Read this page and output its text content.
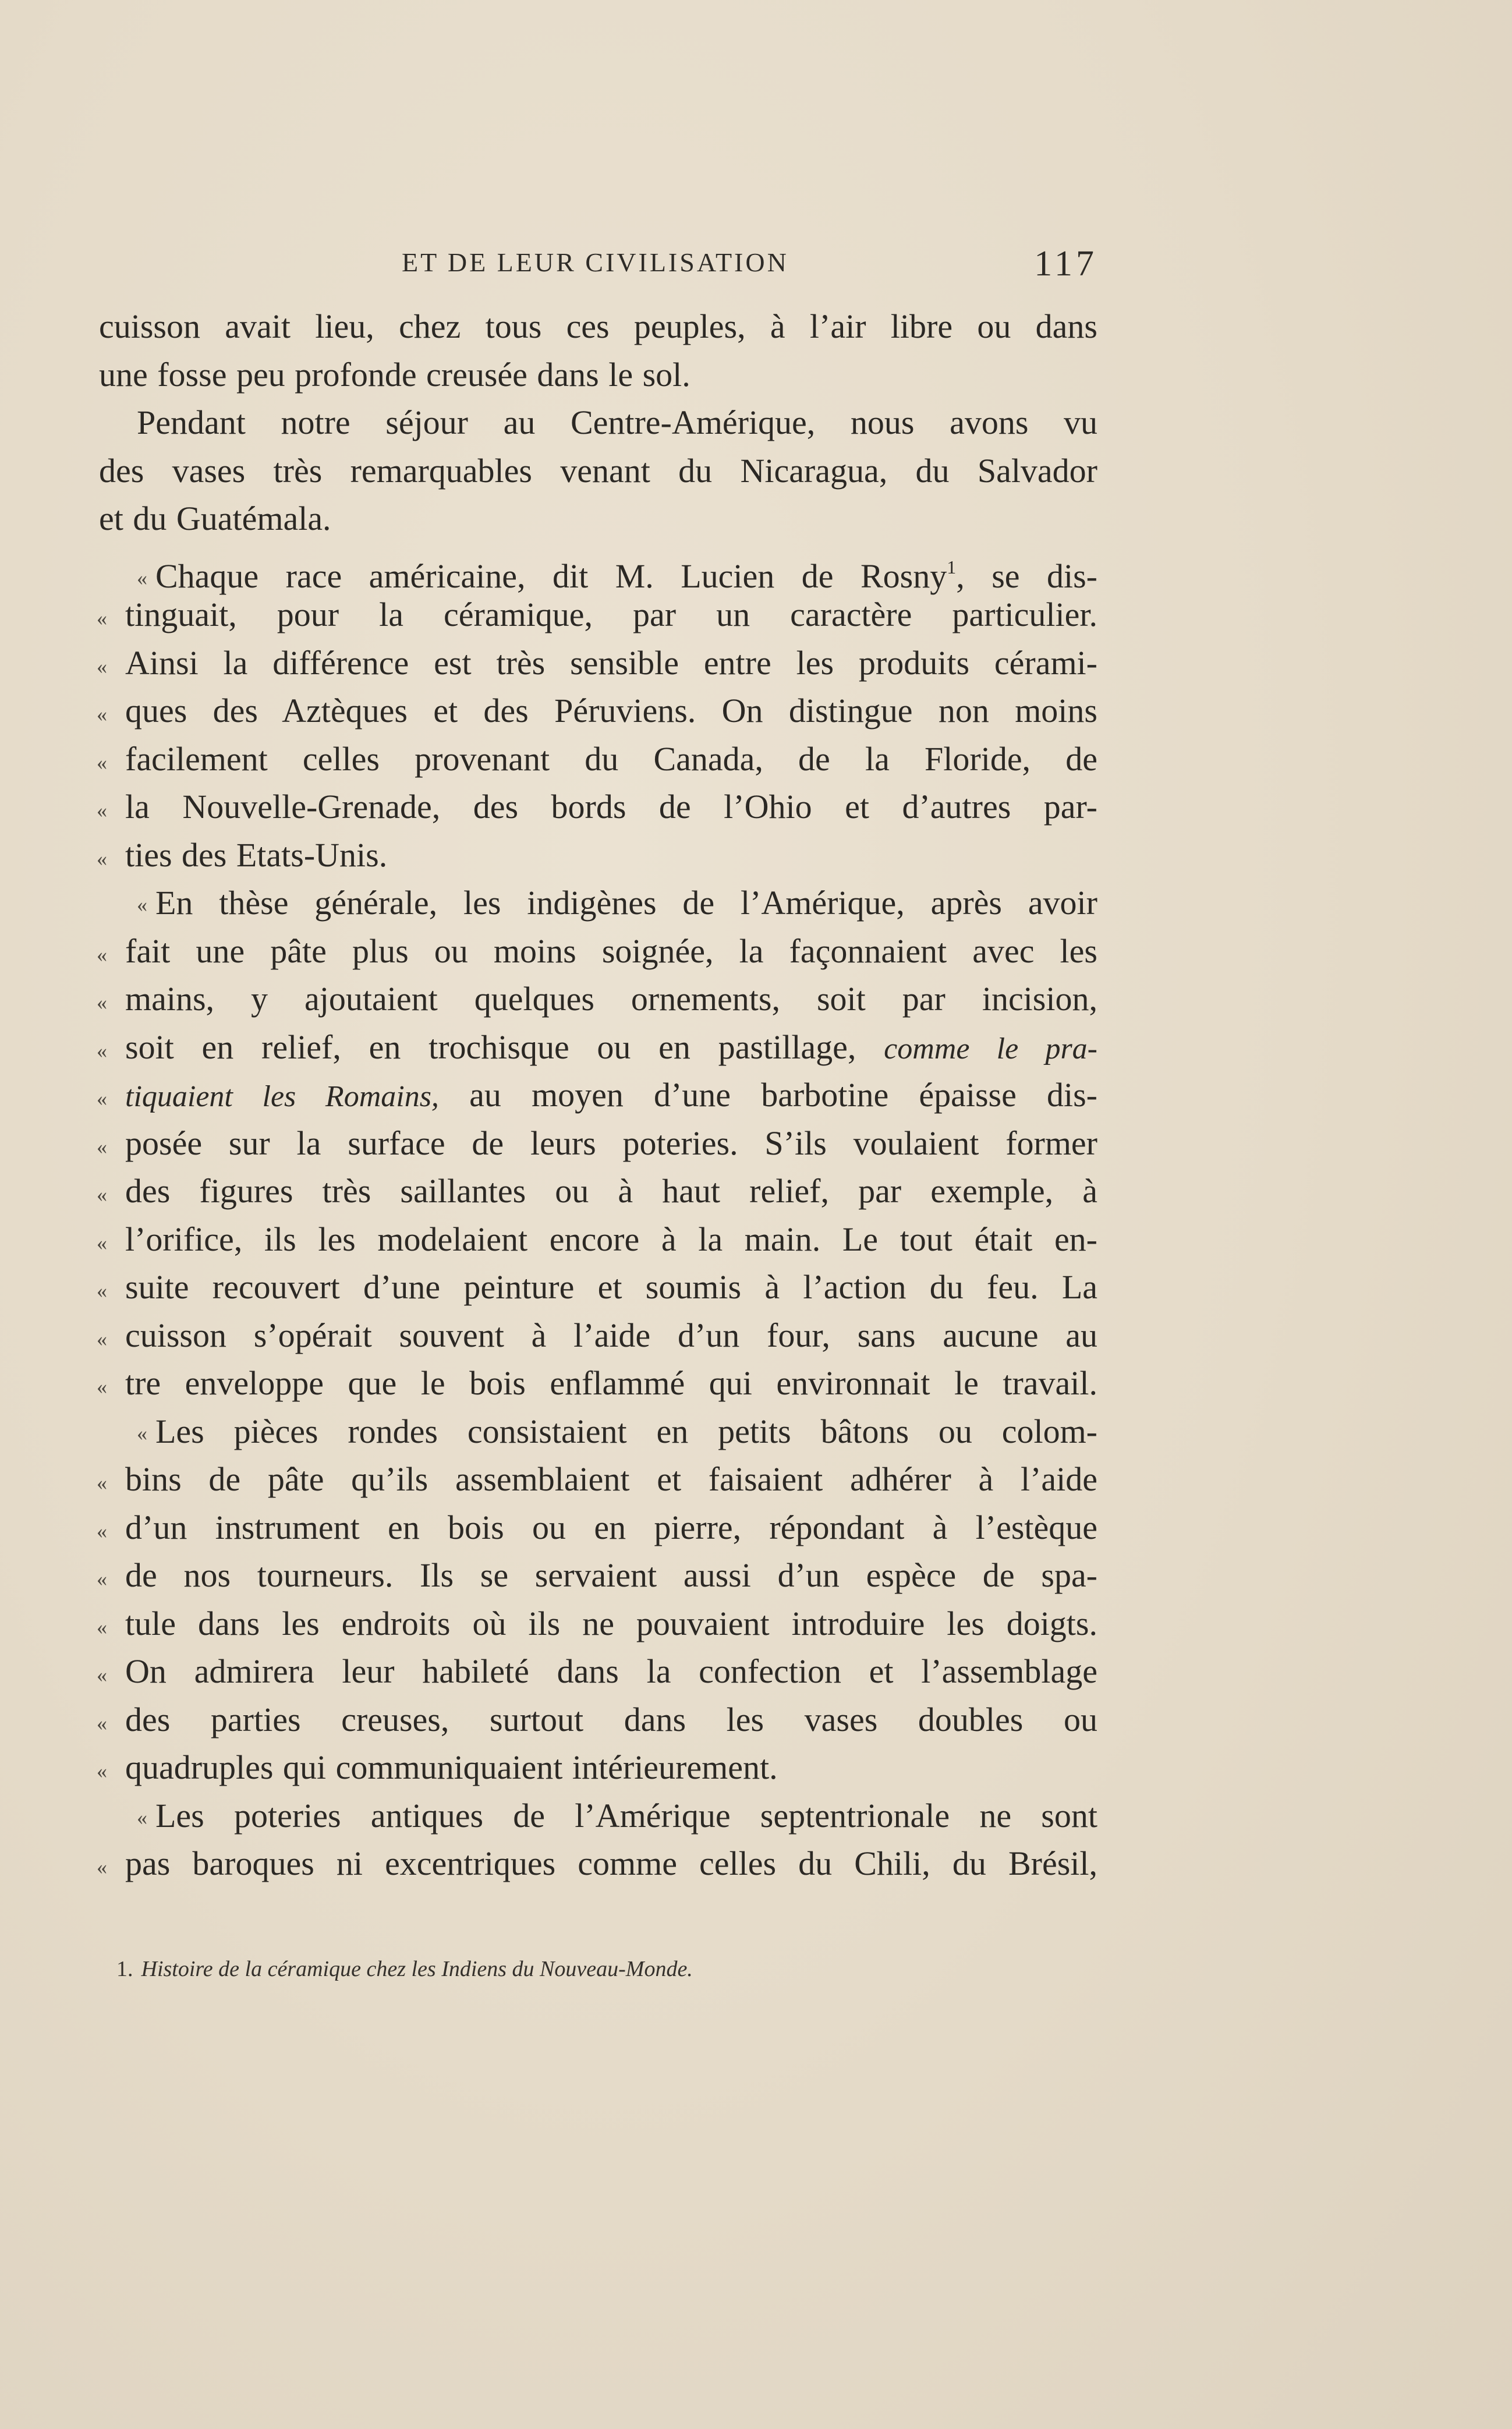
ET DE LEUR CIVILISATION	117
cuisson avait lieu, chez tous ces peuples, à l’air libre ou dans
une fosse peu profonde creusée dans le sol.
Pendant notre séjour au Centre-Amérique, nous avons vu
des vases très remarquables venant du Nicaragua, du Salvador
et du Guatémala.
« Chaque race américaine, dit M. Lucien de Rosny$^1$, se dis-
« tinguait, pour la céramique, par un caractère particulier.
« Ainsi la différence est très sensible entre les produits cérami-
« ques des Aztèques et des Péruviens. On distingue non moins
« facilement celles provenant du Canada, de la Floride, de
« la Nouvelle-Grenade, des bords de l’Ohio et d’autres par-
« ties des Etats-Unis.
« En thèse générale, les indigènes de l’Amérique, après avoir
« fait une pâte plus ou moins soignée, la façonnaient avec les
« mains, y ajoutaient quelques ornements, soit par incision,
« soit en relief, en trochisque ou en pastillage, comme le pra-
« tiquaient les Romains, au moyen d’une barbotine épaisse dis-
« posée sur la surface de leurs poteries. S’ils voulaient former
« des figures très saillantes ou à haut relief, par exemple, à
« l’orifice, ils les modelaient encore à la main. Le tout était en-
« suite recouvert d’une peinture et soumis à l’action du feu. La
« cuisson s’opérait souvent à l’aide d’un four, sans aucune au
« tre enveloppe que le bois enflammé qui environnait le travail.
« Les pièces rondes consistaient en petits bâtons ou colom-
« bins de pâte qu’ils assemblaient et faisaient adhérer à l’aide
« d’un instrument en bois ou en pierre, répondant à l’estèque
« de nos tourneurs. Ils se servaient aussi d’un espèce de spa-
« tule dans les endroits où ils ne pouvaient introduire les doigts.
« On admirera leur habileté dans la confection et l’assemblage
« des parties creuses, surtout dans les vases doubles ou
« quadruples qui communiquaient intérieurement.
« Les poteries antiques de l’Amérique septentrionale ne sont
« pas baroques ni excentriques comme celles du Chili, du Brésil,
1. Histoire de la céramique chez les Indiens du Nouveau-Monde.
